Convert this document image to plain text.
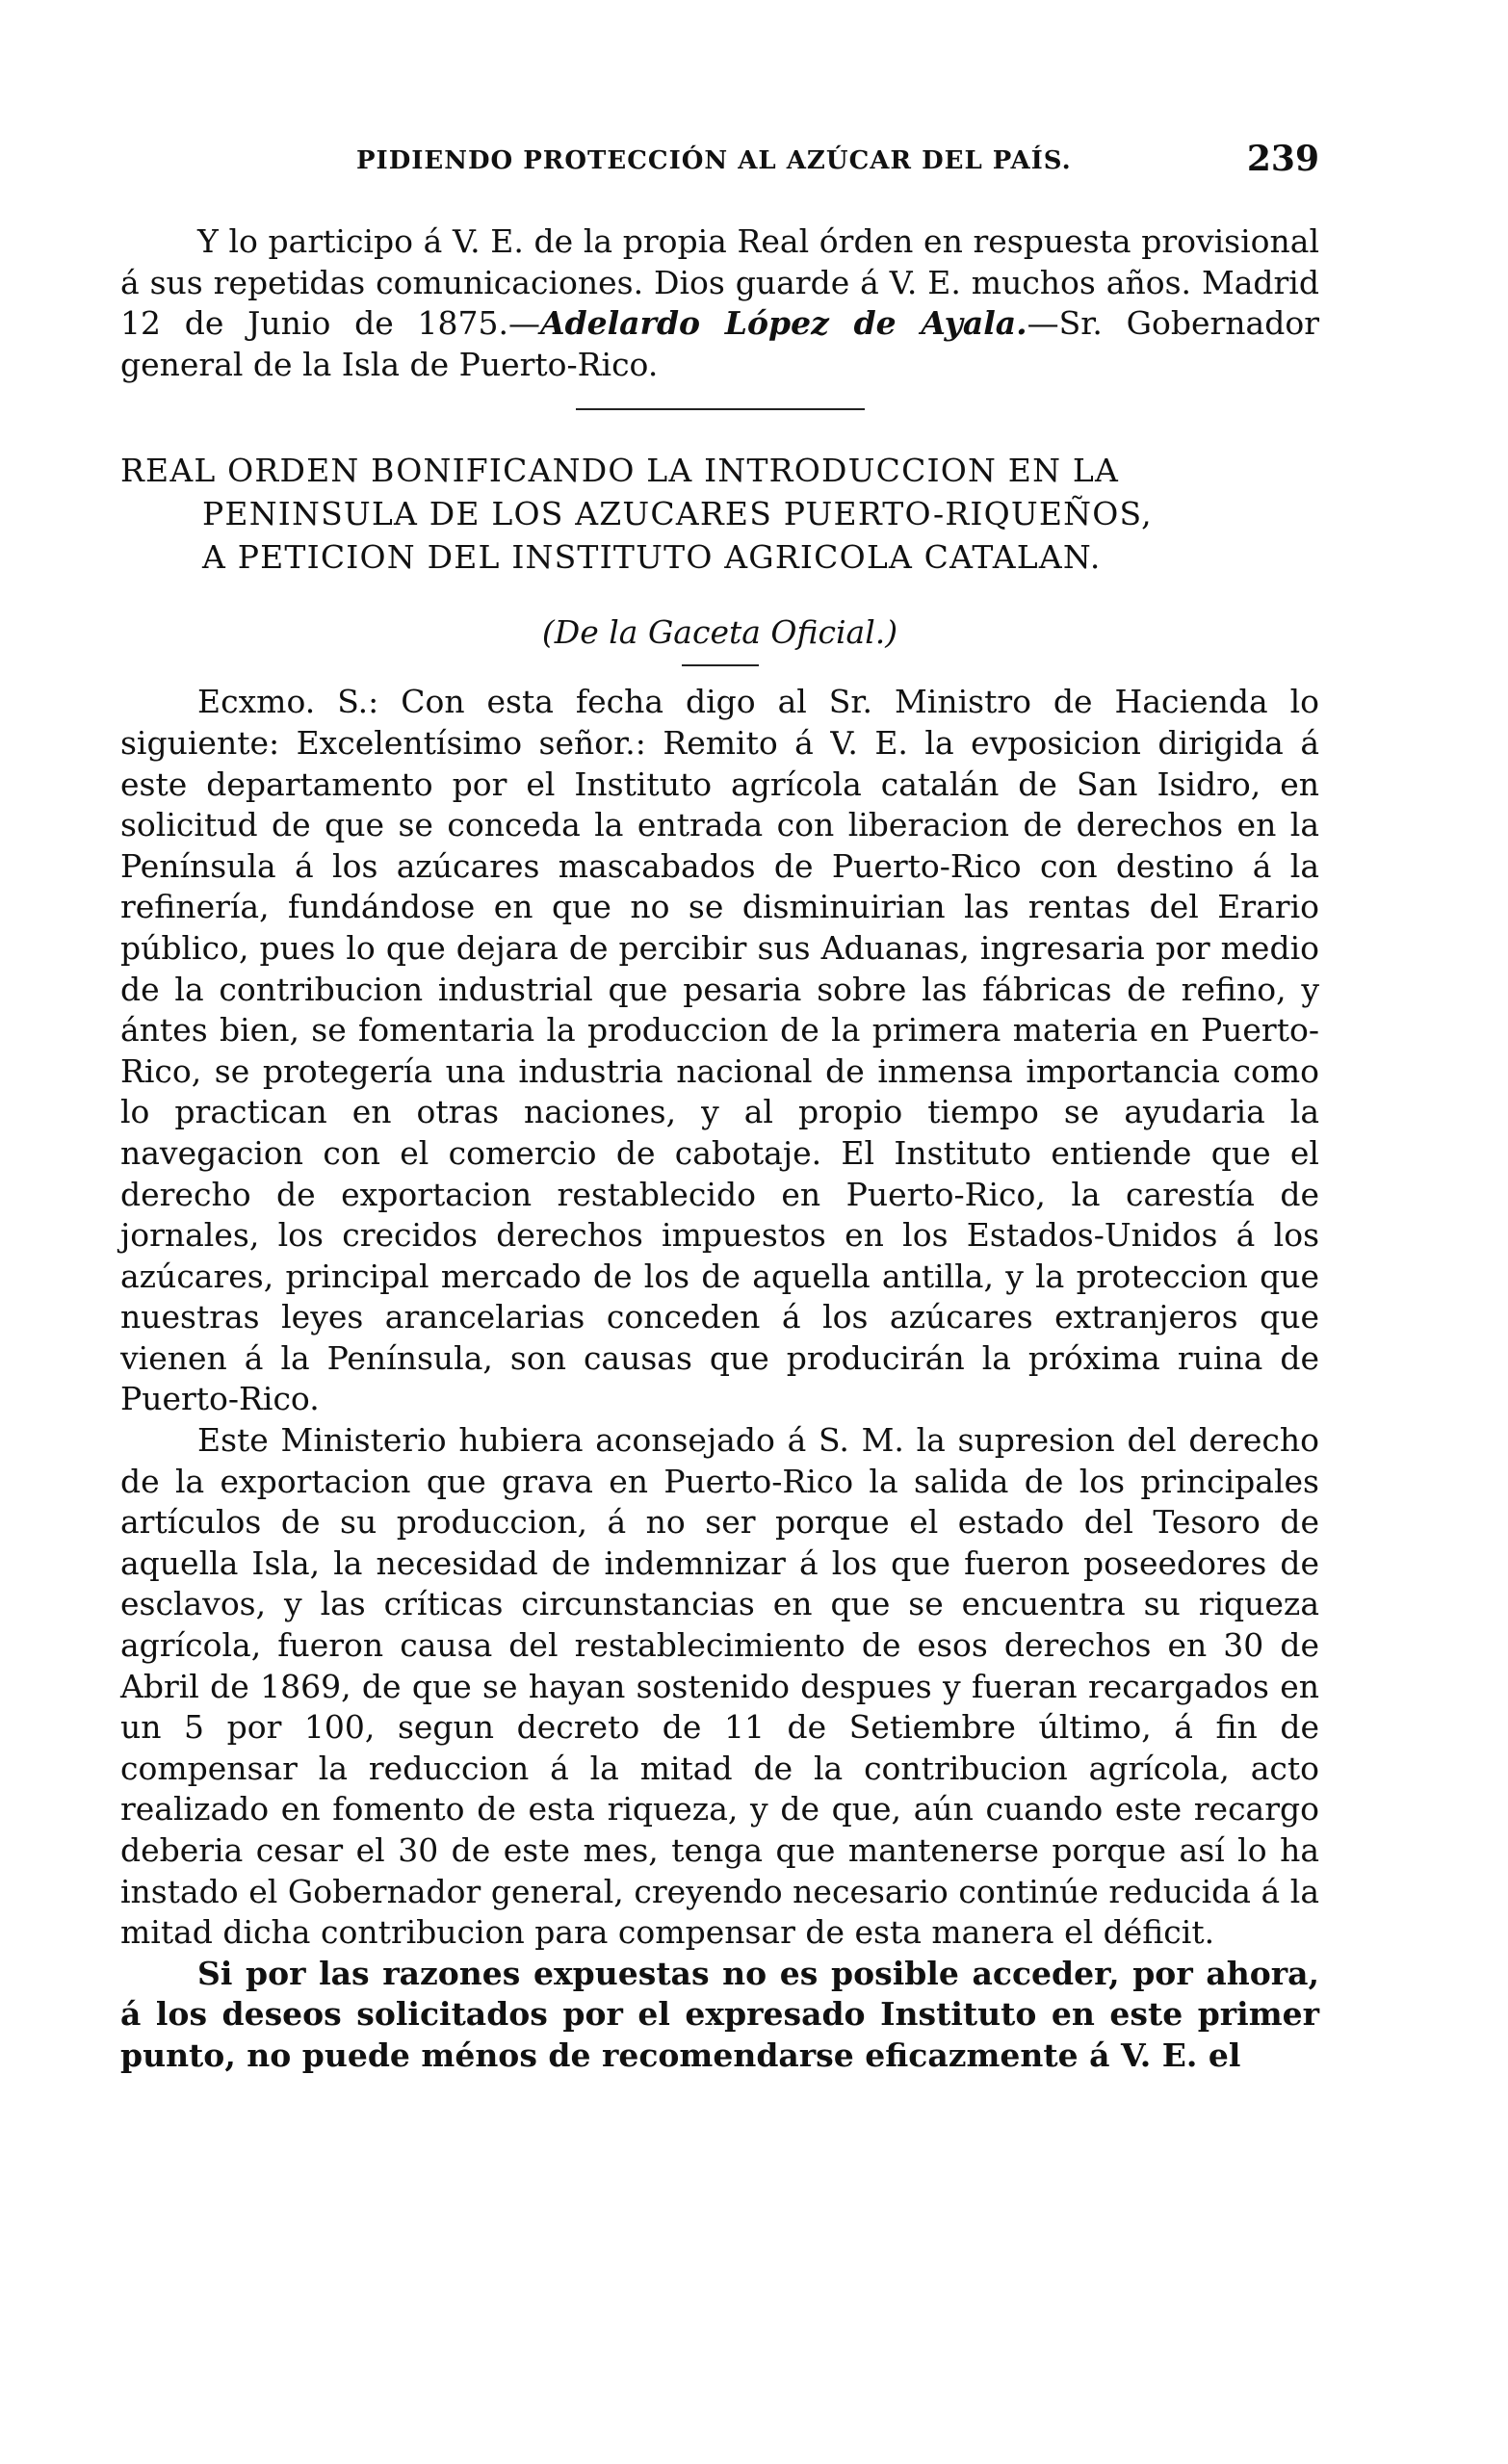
PIDIENDO PROTECCIÓN AL AZÚCAR DEL PAÍS.	239

Y lo participo á V. E. de la propia Real órden en respuesta provisional á sus repetidas comunicaciones. Dios guarde á V. E. muchos años. Madrid 12 de Junio de 1875.—Adelardo López de Ayala.—Sr. Gobernador general de la Isla de Puerto-Rico.

REAL ORDEN BONIFICANDO LA INTRODUCCION EN LA
PENINSULA DE LOS AZUCARES PUERTO-RIQUEÑOS,
A PETICION DEL INSTITUTO AGRICOLA CATALAN.
(De la Gaceta Oficial.)

Ecxmo. S.: Con esta fecha digo al Sr. Ministro de Hacienda lo siguiente: Excelentísimo señor.: Remito á V. E. la evposicion dirigida á este departamento por el Instituto agrícola catalán de San Isidro, en solicitud de que se conceda la entrada con liberacion de derechos en la Península á los azúcares mascabados de Puerto-Rico con destino á la refinería, fundándose en que no se disminuirian las rentas del Erario público, pues lo que dejara de percibir sus Aduanas, ingresaria por medio de la contribucion industrial que pesaria sobre las fábricas de refino, y ántes bien, se fomentaria la produccion de la primera materia en Puerto-Rico, se protegería una industria nacional de inmensa importancia como lo practican en otras naciones, y al propio tiempo se ayudaria la navegacion con el comercio de cabotaje. El Instituto entiende que el derecho de exportacion restablecido en Puerto-Rico, la carestía de jornales, los crecidos derechos impuestos en los Estados-Unidos á los azúcares, principal mercado de los de aquella antilla, y la proteccion que nuestras leyes arancelarias conceden á los azúcares extranjeros que vienen á la Península, son causas que producirán la próxima ruina de Puerto-Rico.

Este Ministerio hubiera aconsejado á S. M. la supresion del derecho de la exportacion que grava en Puerto-Rico la salida de los principales artículos de su produccion, á no ser porque el estado del Tesoro de aquella Isla, la necesidad de indemnizar á los que fueron poseedores de esclavos, y las críticas circunstancias en que se encuentra su riqueza agrícola, fueron causa del restablecimiento de esos derechos en 30 de Abril de 1869, de que se hayan sostenido despues y fueran recargados en un 5 por 100, segun decreto de 11 de Setiembre último, á fin de compensar la reduccion á la mitad de la contribucion agrícola, acto realizado en fomento de esta riqueza, y de que, aún cuando este recargo deberia cesar el 30 de este mes, tenga que mantenerse porque así lo ha instado el Gobernador general, creyendo necesario continúe reducida á la mitad dicha contribucion para compensar de esta manera el déficit.

Si por las razones expuestas no es posible acceder, por ahora, á los deseos solicitados por el expresado Instituto en este primer punto, no puede ménos de recomendarse eficazmente á V. E. el
